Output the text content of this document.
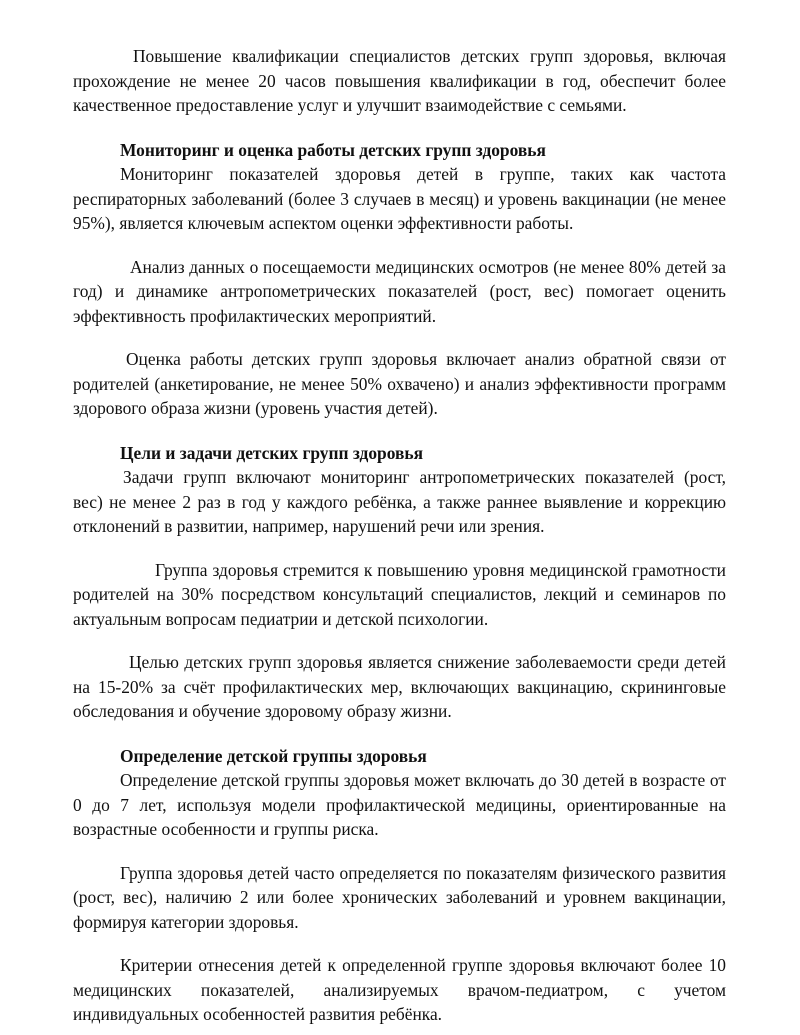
Повышение квалификации специалистов детских групп здоровья, включая прохождение не менее 20 часов повышения квалификации в год, обеспечит более качественное предоставление услуг и улучшит взаимодействие с семьями.

Мониторинг и оценка работы детских групп здоровья

Мониторинг показателей здоровья детей в группе, таких как частота респираторных заболеваний (более 3 случаев в месяц) и уровень вакцинации (не менее 95%), является ключевым аспектом оценки эффективности работы.

Анализ данных о посещаемости медицинских осмотров (не менее 80% детей за год) и динамике антропометрических показателей (рост, вес) помогает оценить эффективность профилактических мероприятий.

Оценка работы детских групп здоровья включает анализ обратной связи от родителей (анкетирование, не менее 50% охвачено) и анализ эффективности программ здорового образа жизни (уровень участия детей).

Цели и задачи детских групп здоровья

Задачи групп включают мониторинг антропометрических показателей (рост, вес) не менее 2 раз в год у каждого ребёнка, а также раннее выявление и коррекцию отклонений в развитии, например, нарушений речи или зрения.

Группа здоровья стремится к повышению уровня медицинской грамотности родителей на 30% посредством консультаций специалистов, лекций и семинаров по актуальным вопросам педиатрии и детской психологии.

Целью детских групп здоровья является снижение заболеваемости среди детей на 15-20% за счёт профилактических мер, включающих вакцинацию, скрининговые обследования и обучение здоровому образу жизни.

Определение детской группы здоровья

Определение детской группы здоровья может включать до 30 детей в возрасте от 0 до 7 лет, используя модели профилактической медицины, ориентированные на возрастные особенности и группы риска.

Группа здоровья детей часто определяется по показателям физического развития (рост, вес), наличию 2 или более хронических заболеваний и уровнем вакцинации, формируя категории здоровья.

Критерии отнесения детей к определенной группе здоровья включают более 10 медицинских показателей, анализируемых врачом-педиатром, с учетом индивидуальных особенностей развития ребёнка.
